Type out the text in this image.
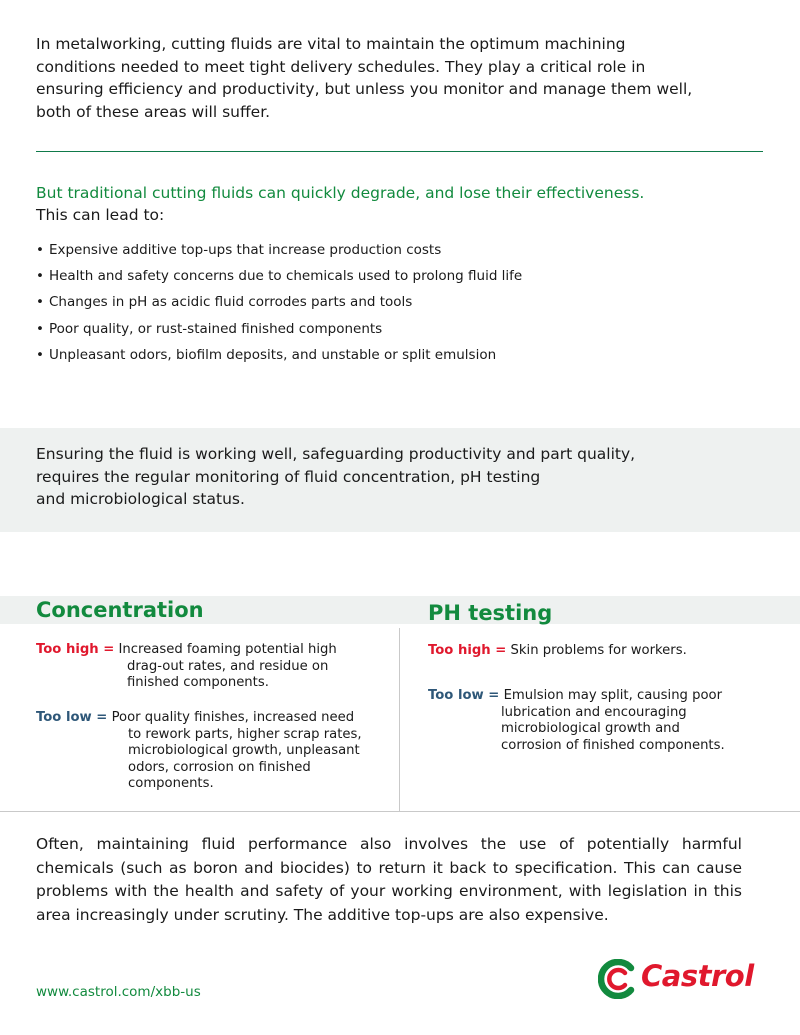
In metalworking, cutting fluids are vital to maintain the optimum machining
conditions needed to meet tight delivery schedules. They play a critical role in
ensuring efficiency and productivity, but unless you monitor and manage them well,
both of these areas will suffer.

But traditional cutting fluids can quickly degrade, and lose their effectiveness.

This can lead to:

• Expensive additive top-ups that increase production costs
• Health and safety concerns due to chemicals used to prolong fluid life
• Changes in pH as acidic fluid corrodes parts and tools
• Poor quality, or rust-stained finished components
• Unpleasant odors, biofilm deposits, and unstable or split emulsion

Ensuring the fluid is working well, safeguarding productivity and part quality,
requires the regular monitoring of fluid concentration, pH testing
and microbiological status.

Concentration	PH testing
Too high = Increased foaming potential high
drag-out rates, and residue on
finished components.
Too low = Poor quality finishes, increased need
to rework parts, higher scrap rates,
microbiological growth, unpleasant
odors, corrosion on finished
components.
Too high = Skin problems for workers.
Too low = Emulsion may split, causing poor
lubrication and encouraging
microbiological growth and
corrosion of finished components.

Often, maintaining fluid performance also involves the use of potentially harmful chemicals (such as boron and biocides) to return it back to specification. This can cause problems with the health and safety of your working environment, with legislation in this area increasingly under scrutiny. The additive top-ups are also expensive.

www.castrol.com/xbb-us	Castrol
